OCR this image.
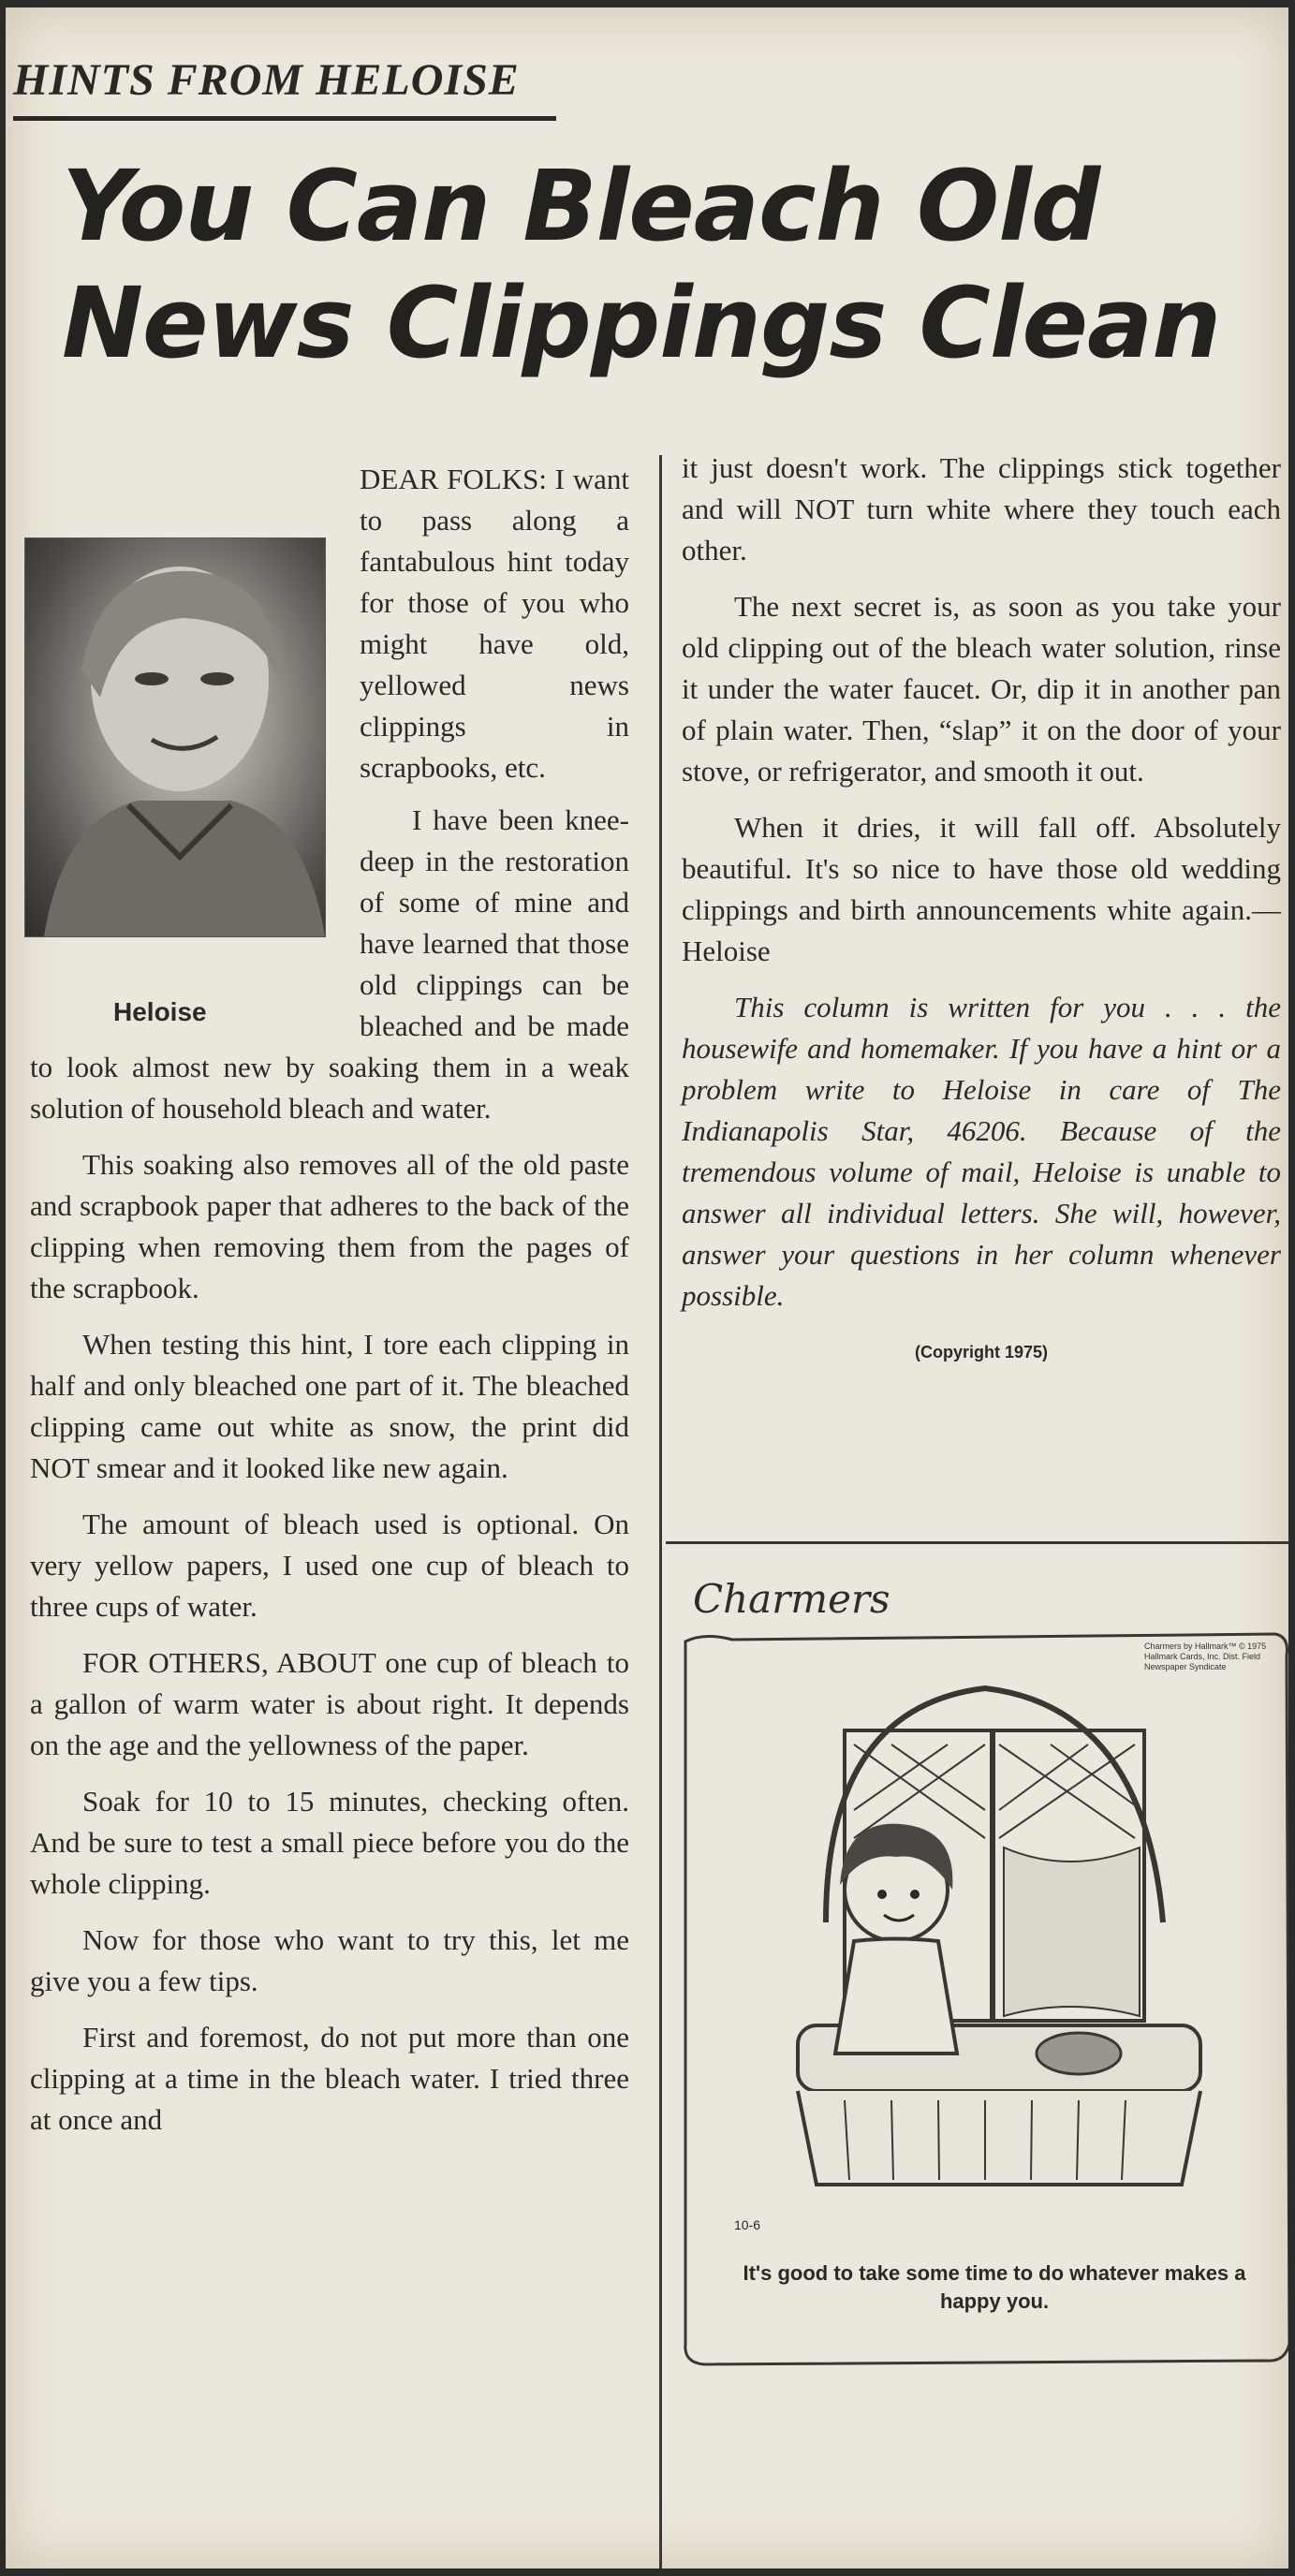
HINTS FROM HELOISE
You Can Bleach Old News Clippings Clean

Heloise
DEAR FOLKS: I want to pass along a fantabulous hint today for those of you who might have old, yellowed news clippings in scrapbooks, etc.
I have been knee-deep in the restoration of some of mine and have learned that those old clippings can be bleached and be made to look almost new by soaking them in a weak solution of household bleach and water.

This soaking also removes all of the old paste and scrapbook paper that adheres to the back of the clipping when removing them from the pages of the scrapbook.

When testing this hint, I tore each clipping in half and only bleached one part of it. The bleached clipping came out white as snow, the print did NOT smear and it looked like new again.

The amount of bleach used is optional. On very yellow papers, I used one cup of bleach to three cups of water.

FOR OTHERS, ABOUT one cup of bleach to a gallon of warm water is about right. It depends on the age and the yellowness of the paper.

Soak for 10 to 15 minutes, checking often. And be sure to test a small piece before you do the whole clipping.

Now for those who want to try this, let me give you a few tips.

First and foremost, do not put more than one clipping at a time in the bleach water. I tried three at once and

it just doesn't work. The clippings stick together and will NOT turn white where they touch each other.

The next secret is, as soon as you take your old clipping out of the bleach water solution, rinse it under the water faucet. Or, dip it in another pan of plain water. Then, “slap” it on the door of your stove, or refrigerator, and smooth it out.

When it dries, it will fall off. Absolutely beautiful. It's so nice to have those old wedding clippings and birth announcements white again.—Heloise

This column is written for you . . . the housewife and homemaker. If you have a hint or a problem write to Heloise in care of The Indianapolis Star, 46206. Because of the tremendous volume of mail, Heloise is unable to answer all individual letters. She will, however, answer your questions in her column whenever possible.

(Copyright 1975)
Charmers
Charmers by Hallmark™ © 1975 Hallmark Cards, Inc. Dist. Field Newspaper Syndicate
10-6
It's good to take some time to do whatever makes a happy you.
